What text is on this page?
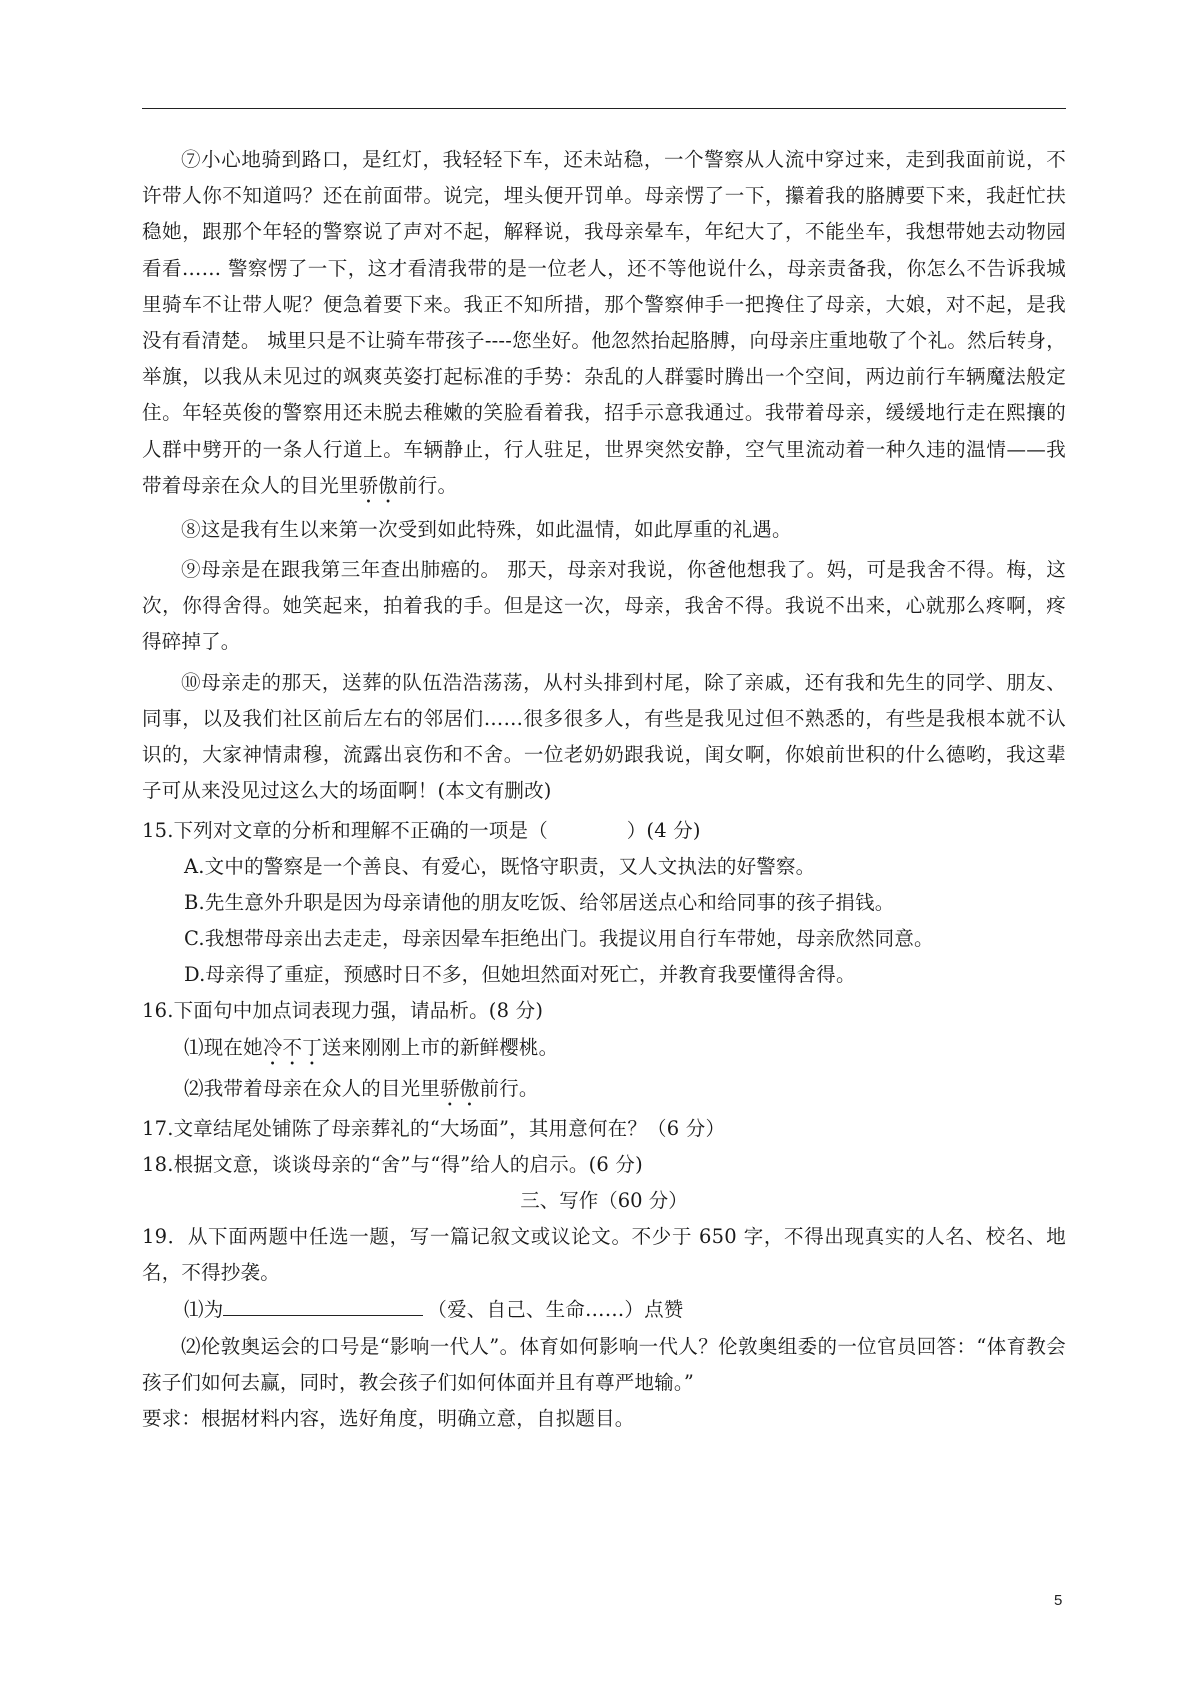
⑦小心地骑到路口，是红灯，我轻轻下车，还未站稳，一个警察从人流中穿过来，走到我面前说，不许带人你不知道吗？还在前面带。说完，埋头便开罚单。母亲愣了一下，攥着我的胳膊要下来，我赶忙扶稳她，跟那个年轻的警察说了声对不起，解释说，我母亲晕车，年纪大了，不能坐车，我想带她去动物园看看…… 警察愣了一下，这才看清我带的是一位老人，还不等他说什么，母亲责备我，你怎么不告诉我城里骑车不让带人呢？便急着要下来。我正不知所措，那个警察伸手一把搀住了母亲，大娘，对不起，是我没有看清楚。 城里只是不让骑车带孩子----您坐好。他忽然抬起胳膊，向母亲庄重地敬了个礼。然后转身，举旗，以我从未见过的飒爽英姿打起标准的手势：杂乱的人群霎时腾出一个空间，两边前行车辆魔法般定住。年轻英俊的警察用还未脱去稚嫩的笑脸看着我，招手示意我通过。我带着母亲，缓缓地行走在熙攘的人群中劈开的一条人行道上。车辆静止，行人驻足，世界突然安静，空气里流动着一种久违的温情——我带着母亲在众人的目光里骄傲前行。

⑧这是我有生以来第一次受到如此特殊，如此温情，如此厚重的礼遇。

⑨母亲是在跟我第三年查出肺癌的。 那天，母亲对我说，你爸他想我了。妈，可是我舍不得。梅，这次，你得舍得。她笑起来，拍着我的手。但是这一次，母亲，我舍不得。我说不出来，心就那么疼啊，疼得碎掉了。

⑩母亲走的那天，送葬的队伍浩浩荡荡，从村头排到村尾，除了亲戚，还有我和先生的同学、朋友、同事，以及我们社区前后左右的邻居们……很多很多人，有些是我见过但不熟悉的，有些是我根本就不认识的，大家神情肃穆，流露出哀伤和不舍。一位老奶奶跟我说，闺女啊，你娘前世积的什么德哟，我这辈子可从来没见过这么大的场面啊！(本文有删改)

15.下列对文章的分析和理解不正确的一项是（　　　　）(4 分)

A.文中的警察是一个善良、有爱心，既恪守职责，又人文执法的好警察。

B.先生意外升职是因为母亲请他的朋友吃饭、给邻居送点心和给同事的孩子捐钱。

C.我想带母亲出去走走，母亲因晕车拒绝出门。我提议用自行车带她，母亲欣然同意。

D.母亲得了重症，预感时日不多，但她坦然面对死亡，并教育我要懂得舍得。

16.下面句中加点词表现力强，请品析。(8 分)

⑴现在她冷不丁送来刚刚上市的新鲜樱桃。

⑵我带着母亲在众人的目光里骄傲前行。

17.文章结尾处铺陈了母亲葬礼的“大场面”，其用意何在？（6 分）

18.根据文意，谈谈母亲的“舍”与“得”给人的启示。(6 分)

三、写作（60 分）

19．从下面两题中任选一题，写一篇记叙文或议论文。不少于 650 字，不得出现真实的人名、校名、地名，不得抄袭。

⑴为	（爱、自己、生命……）点赞

⑵伦敦奥运会的口号是“影响一代人”。体育如何影响一代人？伦敦奥组委的一位官员回答：“体育教会孩子们如何去赢，同时，教会孩子们如何体面并且有尊严地输。”

要求：根据材料内容，选好角度，明确立意，自拟题目。

5
